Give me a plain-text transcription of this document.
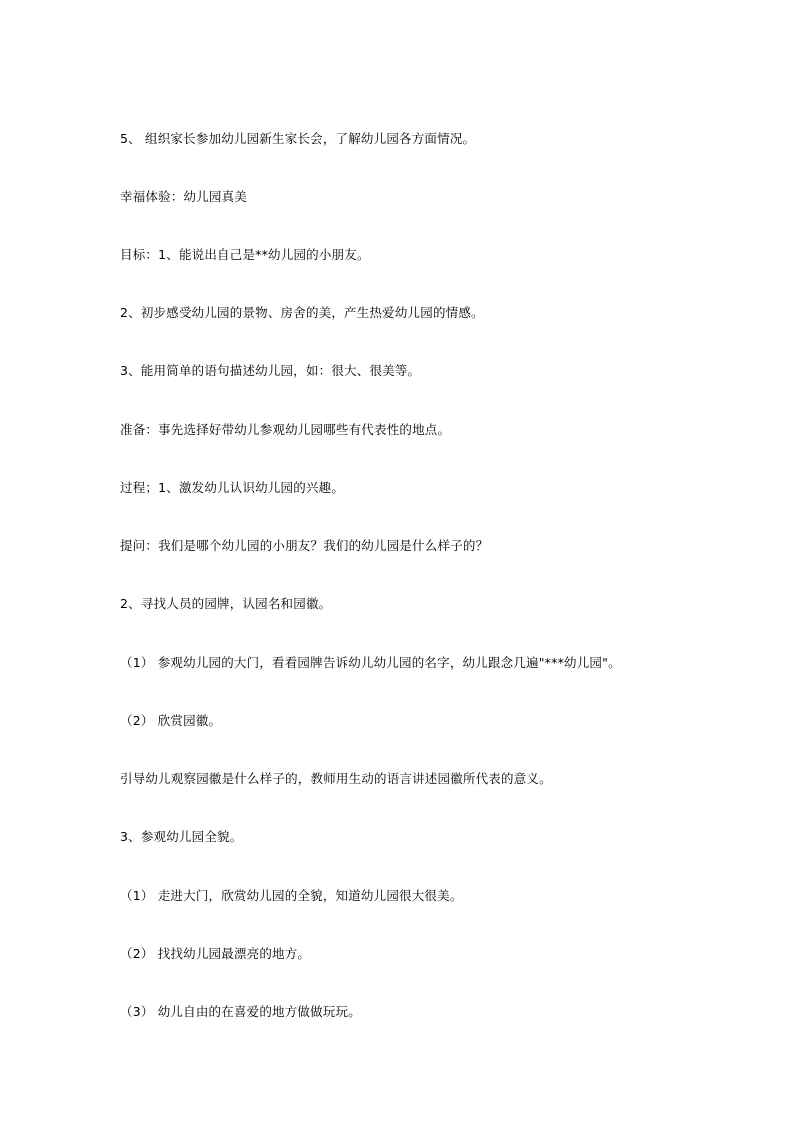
5、 组织家长参加幼儿园新生家长会，了解幼儿园各方面情况。
幸福体验：幼儿园真美
目标：1、能说出自己是**幼儿园的小朋友。
2、初步感受幼儿园的景物、房舍的美，产生热爱幼儿园的情感。
3、能用简单的语句描述幼儿园，如：很大、很美等。
准备：事先选择好带幼儿参观幼儿园哪些有代表性的地点。
过程；1、激发幼儿认识幼儿园的兴趣。
提问：我们是哪个幼儿园的小朋友？我们的幼儿园是什么样子的？
2、寻找人员的园牌，认园名和园徽。
（1） 参观幼儿园的大门，看看园牌告诉幼儿幼儿园的名字，幼儿跟念几遍"***幼儿园"。
（2） 欣赏园徽。
引导幼儿观察园徽是什么样子的，教师用生动的语言讲述园徽所代表的意义。
3、参观幼儿园全貌。
（1） 走进大门，欣赏幼儿园的全貌，知道幼儿园很大很美。
（2） 找找幼儿园最漂亮的地方。
（3） 幼儿自由的在喜爱的地方做做玩玩。
